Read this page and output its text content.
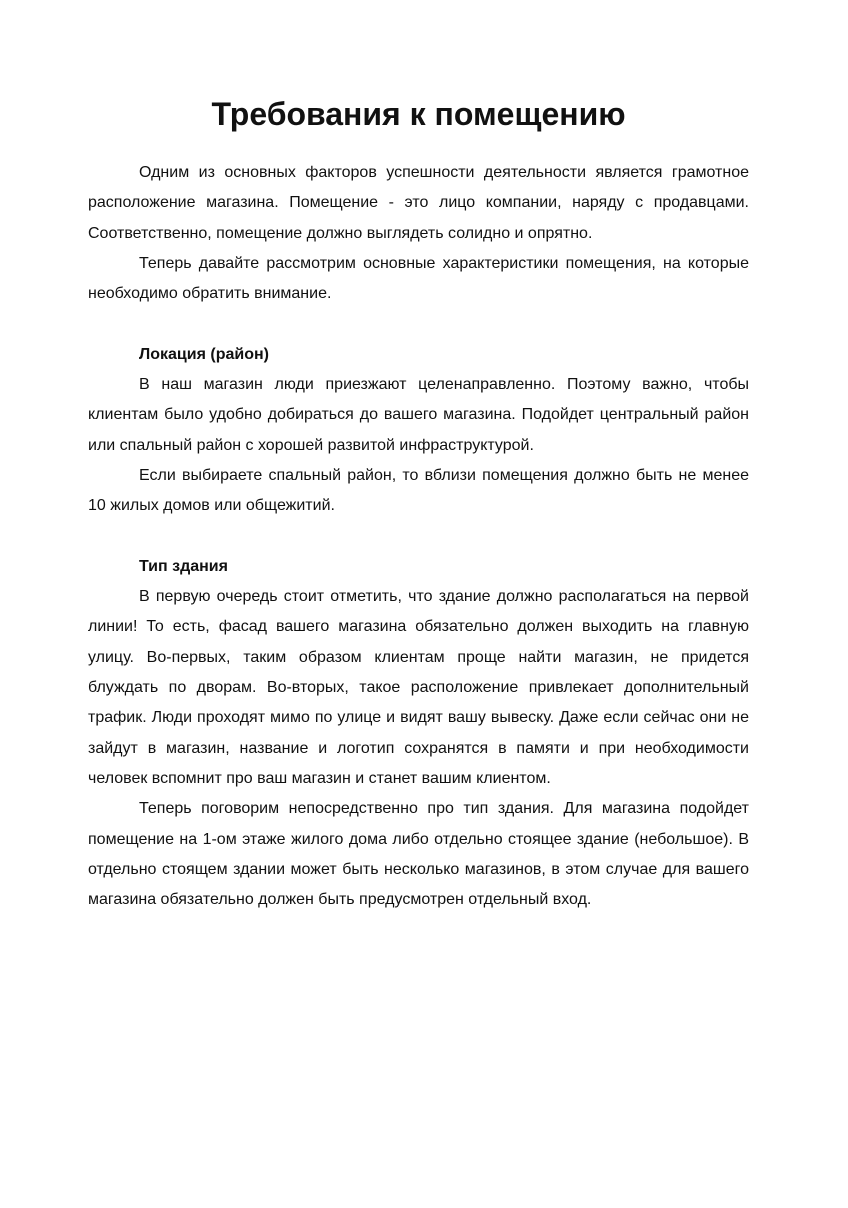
Требования к помещению

Одним из основных факторов успешности деятельности является грамотное расположение магазина. Помещение - это лицо компании, наряду с продавцами. Соответственно, помещение должно выглядеть солидно и опрятно.

Теперь давайте рассмотрим основные характеристики помещения, на которые необходимо обратить внимание.

Локация (район)

В наш магазин люди приезжают целенаправленно. Поэтому важно, чтобы клиентам было удобно добираться до вашего магазина. Подойдет центральный район или спальный район с хорошей развитой инфраструктурой.

Если выбираете спальный район, то вблизи помещения должно быть не менее 10 жилых домов или общежитий.

Тип здания

В первую очередь стоит отметить, что здание должно располагаться на первой линии! То есть, фасад вашего магазина обязательно должен выходить на главную улицу. Во-первых, таким образом клиентам проще найти магазин, не придется блуждать по дворам. Во-вторых, такое расположение привлекает дополнительный трафик. Люди проходят мимо по улице и видят вашу вывеску. Даже если сейчас они не зайдут в магазин, название и логотип сохранятся в памяти и при необходимости человек вспомнит про ваш магазин и станет вашим клиентом.

Теперь поговорим непосредственно про тип здания. Для магазина подойдет помещение на 1-ом этаже жилого дома либо отдельно стоящее здание (небольшое). В отдельно стоящем здании может быть несколько магазинов, в этом случае для вашего магазина обязательно должен быть предусмотрен отдельный вход.
